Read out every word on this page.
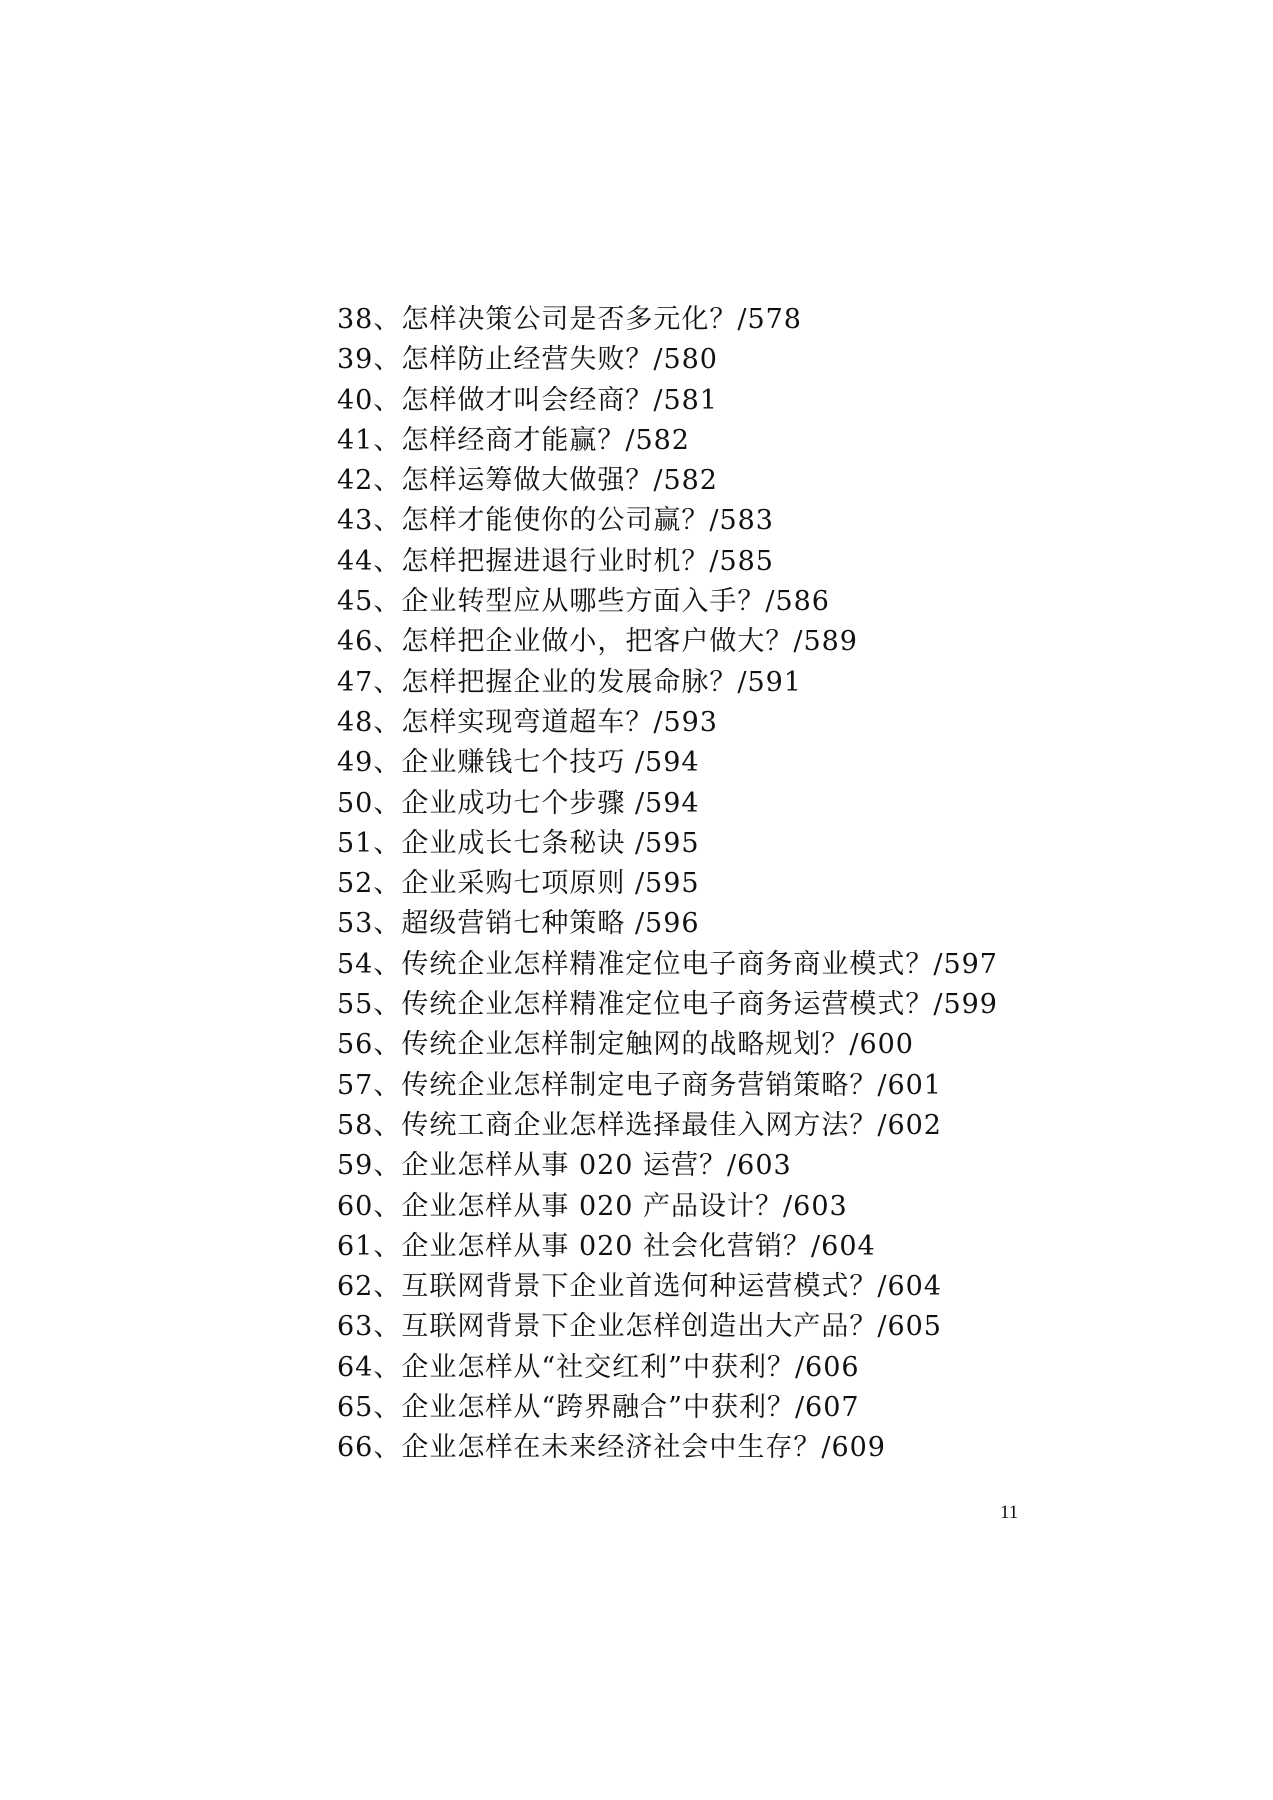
38、怎样决策公司是否多元化？/578
39、怎样防止经营失败？/580
40、怎样做才叫会经商？/581
41、怎样经商才能赢？/582
42、怎样运筹做大做强？/582
43、怎样才能使你的公司赢？/583
44、怎样把握进退行业时机？/585
45、企业转型应从哪些方面入手？/586
46、怎样把企业做小，把客户做大？/589
47、怎样把握企业的发展命脉？/591
48、怎样实现弯道超车？/593
49、企业赚钱七个技巧 /594
50、企业成功七个步骤 /594
51、企业成长七条秘诀 /595
52、企业采购七项原则 /595
53、超级营销七种策略 /596
54、传统企业怎样精准定位电子商务商业模式？/597
55、传统企业怎样精准定位电子商务运营模式？/599
56、传统企业怎样制定触网的战略规划？/600
57、传统企业怎样制定电子商务营销策略？/601
58、传统工商企业怎样选择最佳入网方法？/602
59、企业怎样从事 020 运营？/603
60、企业怎样从事 020 产品设计？/603
61、企业怎样从事 020 社会化营销？/604
62、互联网背景下企业首选何种运营模式？/604
63、互联网背景下企业怎样创造出大产品？/605
64、企业怎样从“社交红利”中获利？/606
65、企业怎样从“跨界融合”中获利？/607
66、企业怎样在未来经济社会中生存？/609
11
